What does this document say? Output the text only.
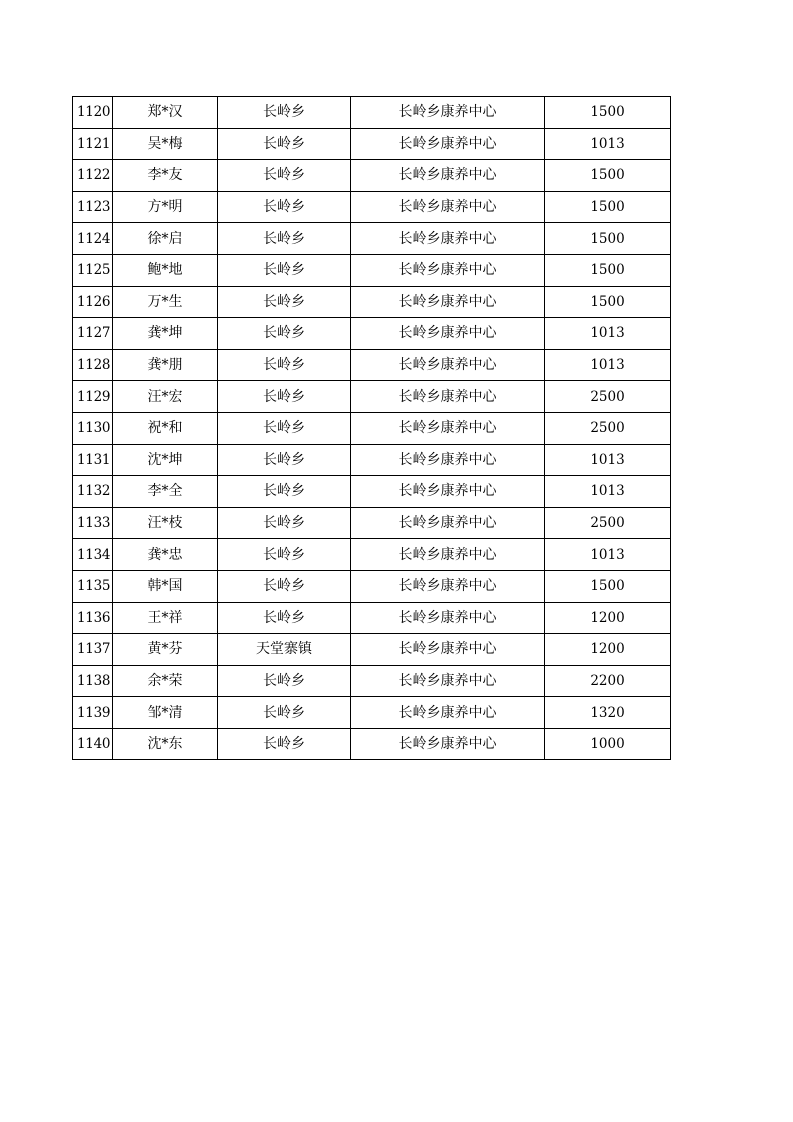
1120	郑*汉	长岭乡	长岭乡康养中心	1500
1121	吴*梅	长岭乡	长岭乡康养中心	1013
1122	李*友	长岭乡	长岭乡康养中心	1500
1123	方*明	长岭乡	长岭乡康养中心	1500
1124	徐*启	长岭乡	长岭乡康养中心	1500
1125	鲍*地	长岭乡	长岭乡康养中心	1500
1126	万*生	长岭乡	长岭乡康养中心	1500
1127	龚*坤	长岭乡	长岭乡康养中心	1013
1128	龚*朋	长岭乡	长岭乡康养中心	1013
1129	汪*宏	长岭乡	长岭乡康养中心	2500
1130	祝*和	长岭乡	长岭乡康养中心	2500
1131	沈*坤	长岭乡	长岭乡康养中心	1013
1132	李*全	长岭乡	长岭乡康养中心	1013
1133	汪*枝	长岭乡	长岭乡康养中心	2500
1134	龚*忠	长岭乡	长岭乡康养中心	1013
1135	韩*国	长岭乡	长岭乡康养中心	1500
1136	王*祥	长岭乡	长岭乡康养中心	1200
1137	黄*芬	天堂寨镇	长岭乡康养中心	1200
1138	余*荣	长岭乡	长岭乡康养中心	2200
1139	邹*清	长岭乡	长岭乡康养中心	1320
1140	沈*东	长岭乡	长岭乡康养中心	1000
